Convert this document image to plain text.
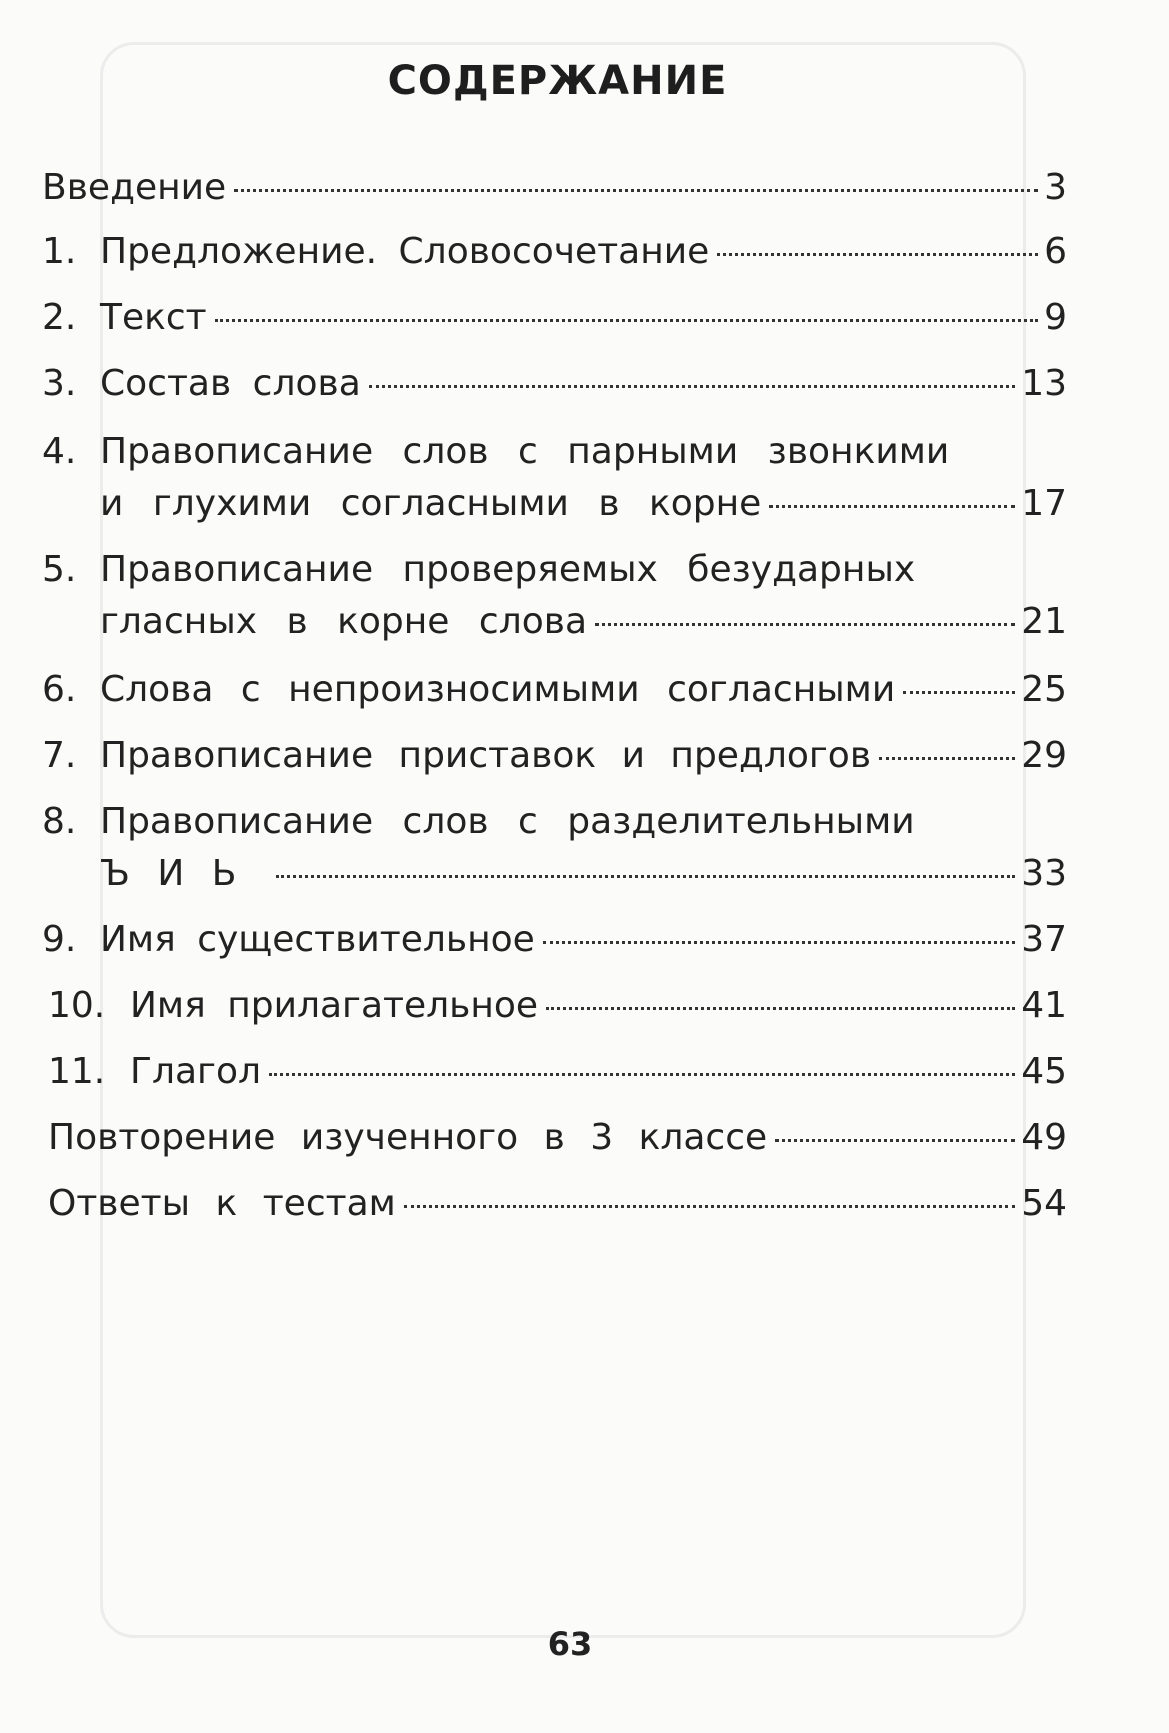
СОДЕРЖАНИЕ
Введение	3
1. Предложение. Словосочетание	6
2. Текст	9
3. Состав слова	13
4. Правописание слов с парными звонкими
и глухими согласными в корне	17
5. Правописание проверяемых безударных
гласных в корне слова	21
6. Слова с непроизносимыми согласными	25
7. Правописание приставок и предлогов	29
8. Правописание слов с разделительными
Ъ И Ь	33
9. Имя существительное	37
10. Имя прилагательное	41
11. Глагол	45
Повторение изученного в 3 классе	49
Ответы к тестам	54
63
